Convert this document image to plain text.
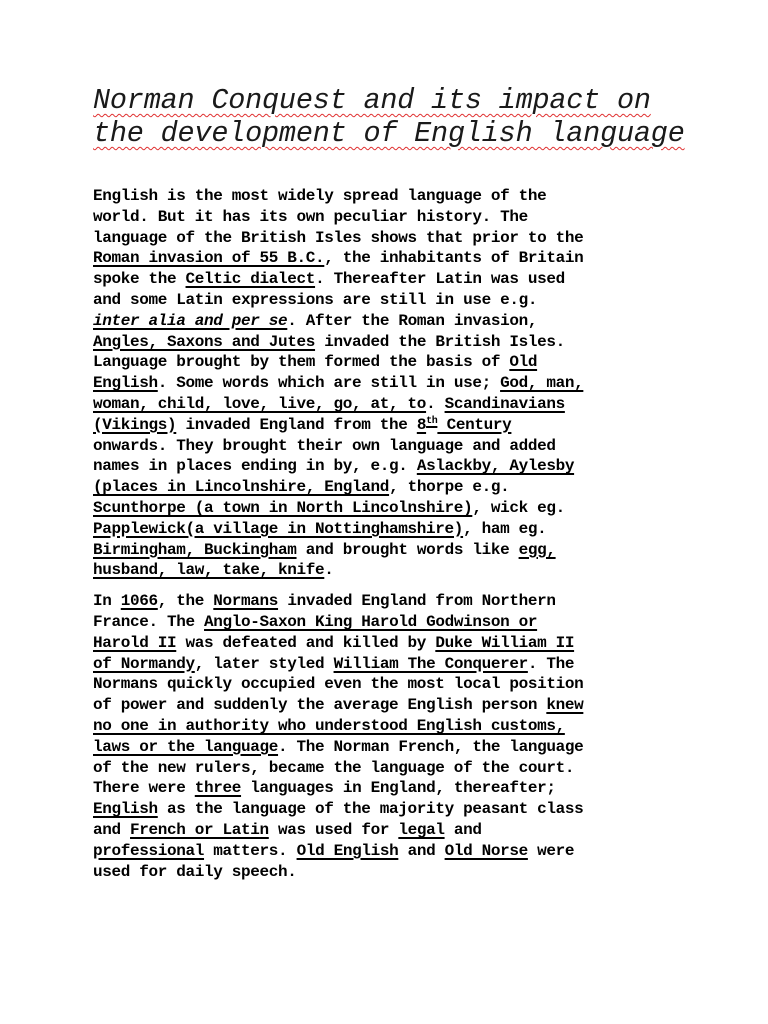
Norman Conquest and its impact on the development of English language
English is the most widely spread language of the
world. But it has its own peculiar history. The
language of the British Isles shows that prior to the
Roman invasion of 55 B.C., the inhabitants of Britain
spoke the Celtic dialect. Thereafter Latin was used
and some Latin expressions are still in use e.g.
inter alia and per se. After the Roman invasion,
Angles, Saxons and Jutes invaded the British Isles.
Language brought by them formed the basis of Old
English. Some words which are still in use; God, man,
woman, child, love, live, go, at, to. Scandinavians
(Vikings) invaded England from the 8th Century
onwards. They brought their own language and added
names in places ending in by, e.g. Aslackby, Aylesby
(places in Lincolnshire, England, thorpe e.g.
Scunthorpe (a town in North Lincolnshire), wick eg.
Papplewick(a village in Nottinghamshire), ham eg.
Birmingham, Buckingham and brought words like egg,
husband, law, take, knife.
In 1066, the Normans invaded England from Northern
France. The Anglo-Saxon King Harold Godwinson or
Harold II was defeated and killed by Duke William II
of Normandy, later styled William The Conquerer. The
Normans quickly occupied even the most local position
of power and suddenly the average English person knew
no one in authority who understood English customs,
laws or the language. The Norman French, the language
of the new rulers, became the language of the court.
There were three languages in England, thereafter;
English as the language of the majority peasant class
and French or Latin was used for legal and
professional matters. Old English and Old Norse were
used for daily speech.
